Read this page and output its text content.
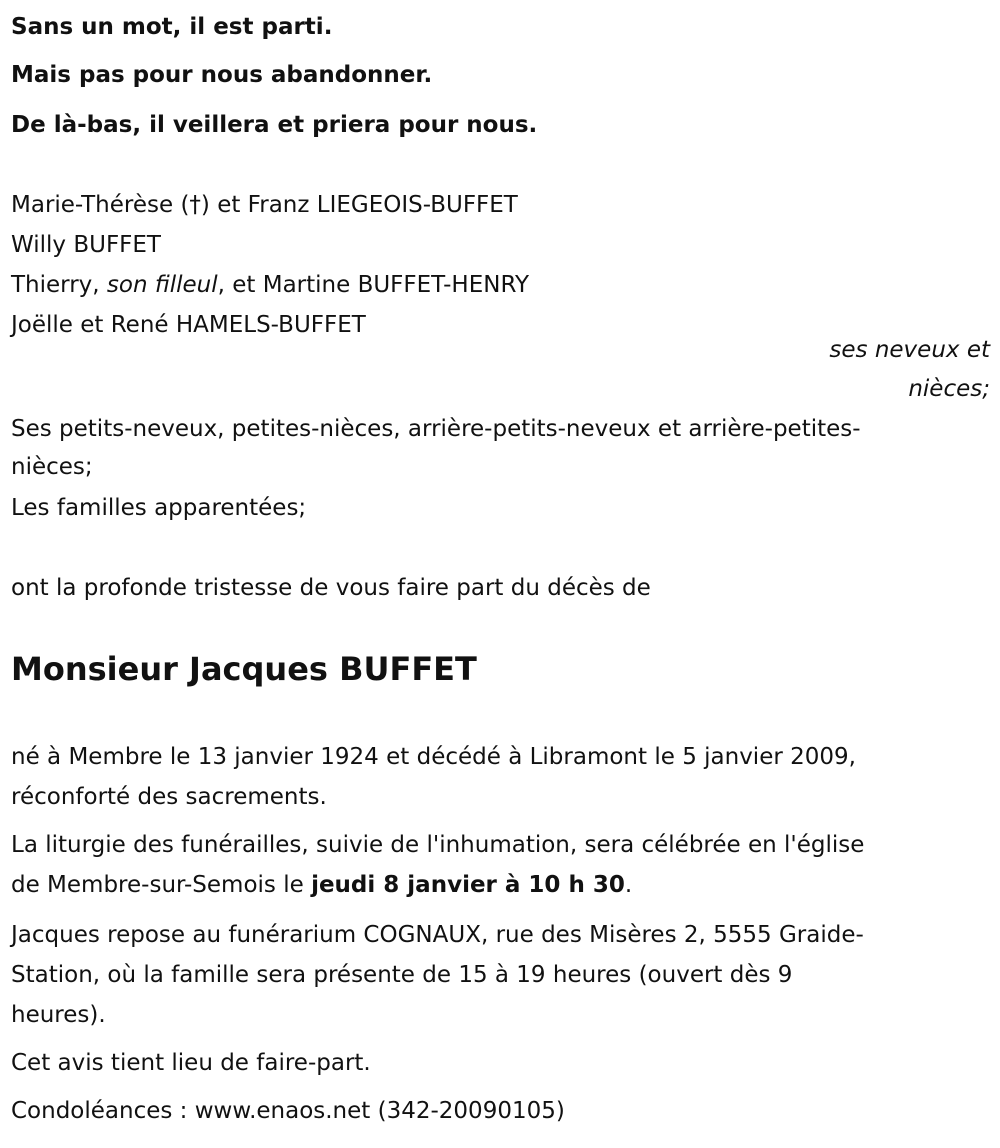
Sans un mot, il est parti.
Mais pas pour nous abandonner.
De là-bas, il veillera et priera pour nous.
Marie-Thérèse (†) et Franz LIEGEOIS-BUFFET
Willy BUFFET
Thierry, son filleul, et Martine BUFFET-HENRY
Joëlle et René HAMELS-BUFFET
ses neveux et
nièces;
Ses petits-neveux, petites-nièces, arrière-petits-neveux et arrière-petites-
nièces;
Les familles apparentées;
ont la profonde tristesse de vous faire part du décès de
Monsieur Jacques BUFFET
né à Membre le 13 janvier 1924 et décédé à Libramont le 5 janvier 2009,
réconforté des sacrements.
La liturgie des funérailles, suivie de l'inhumation, sera célébrée en l'église
de Membre-sur-Semois le jeudi 8 janvier à 10 h 30.
Jacques repose au funérarium COGNAUX, rue des Misères 2, 5555 Graide-
Station, où la famille sera présente de 15 à 19 heures (ouvert dès 9
heures).
Cet avis tient lieu de faire-part.
Condoléances : www.enaos.net (342-20090105)
